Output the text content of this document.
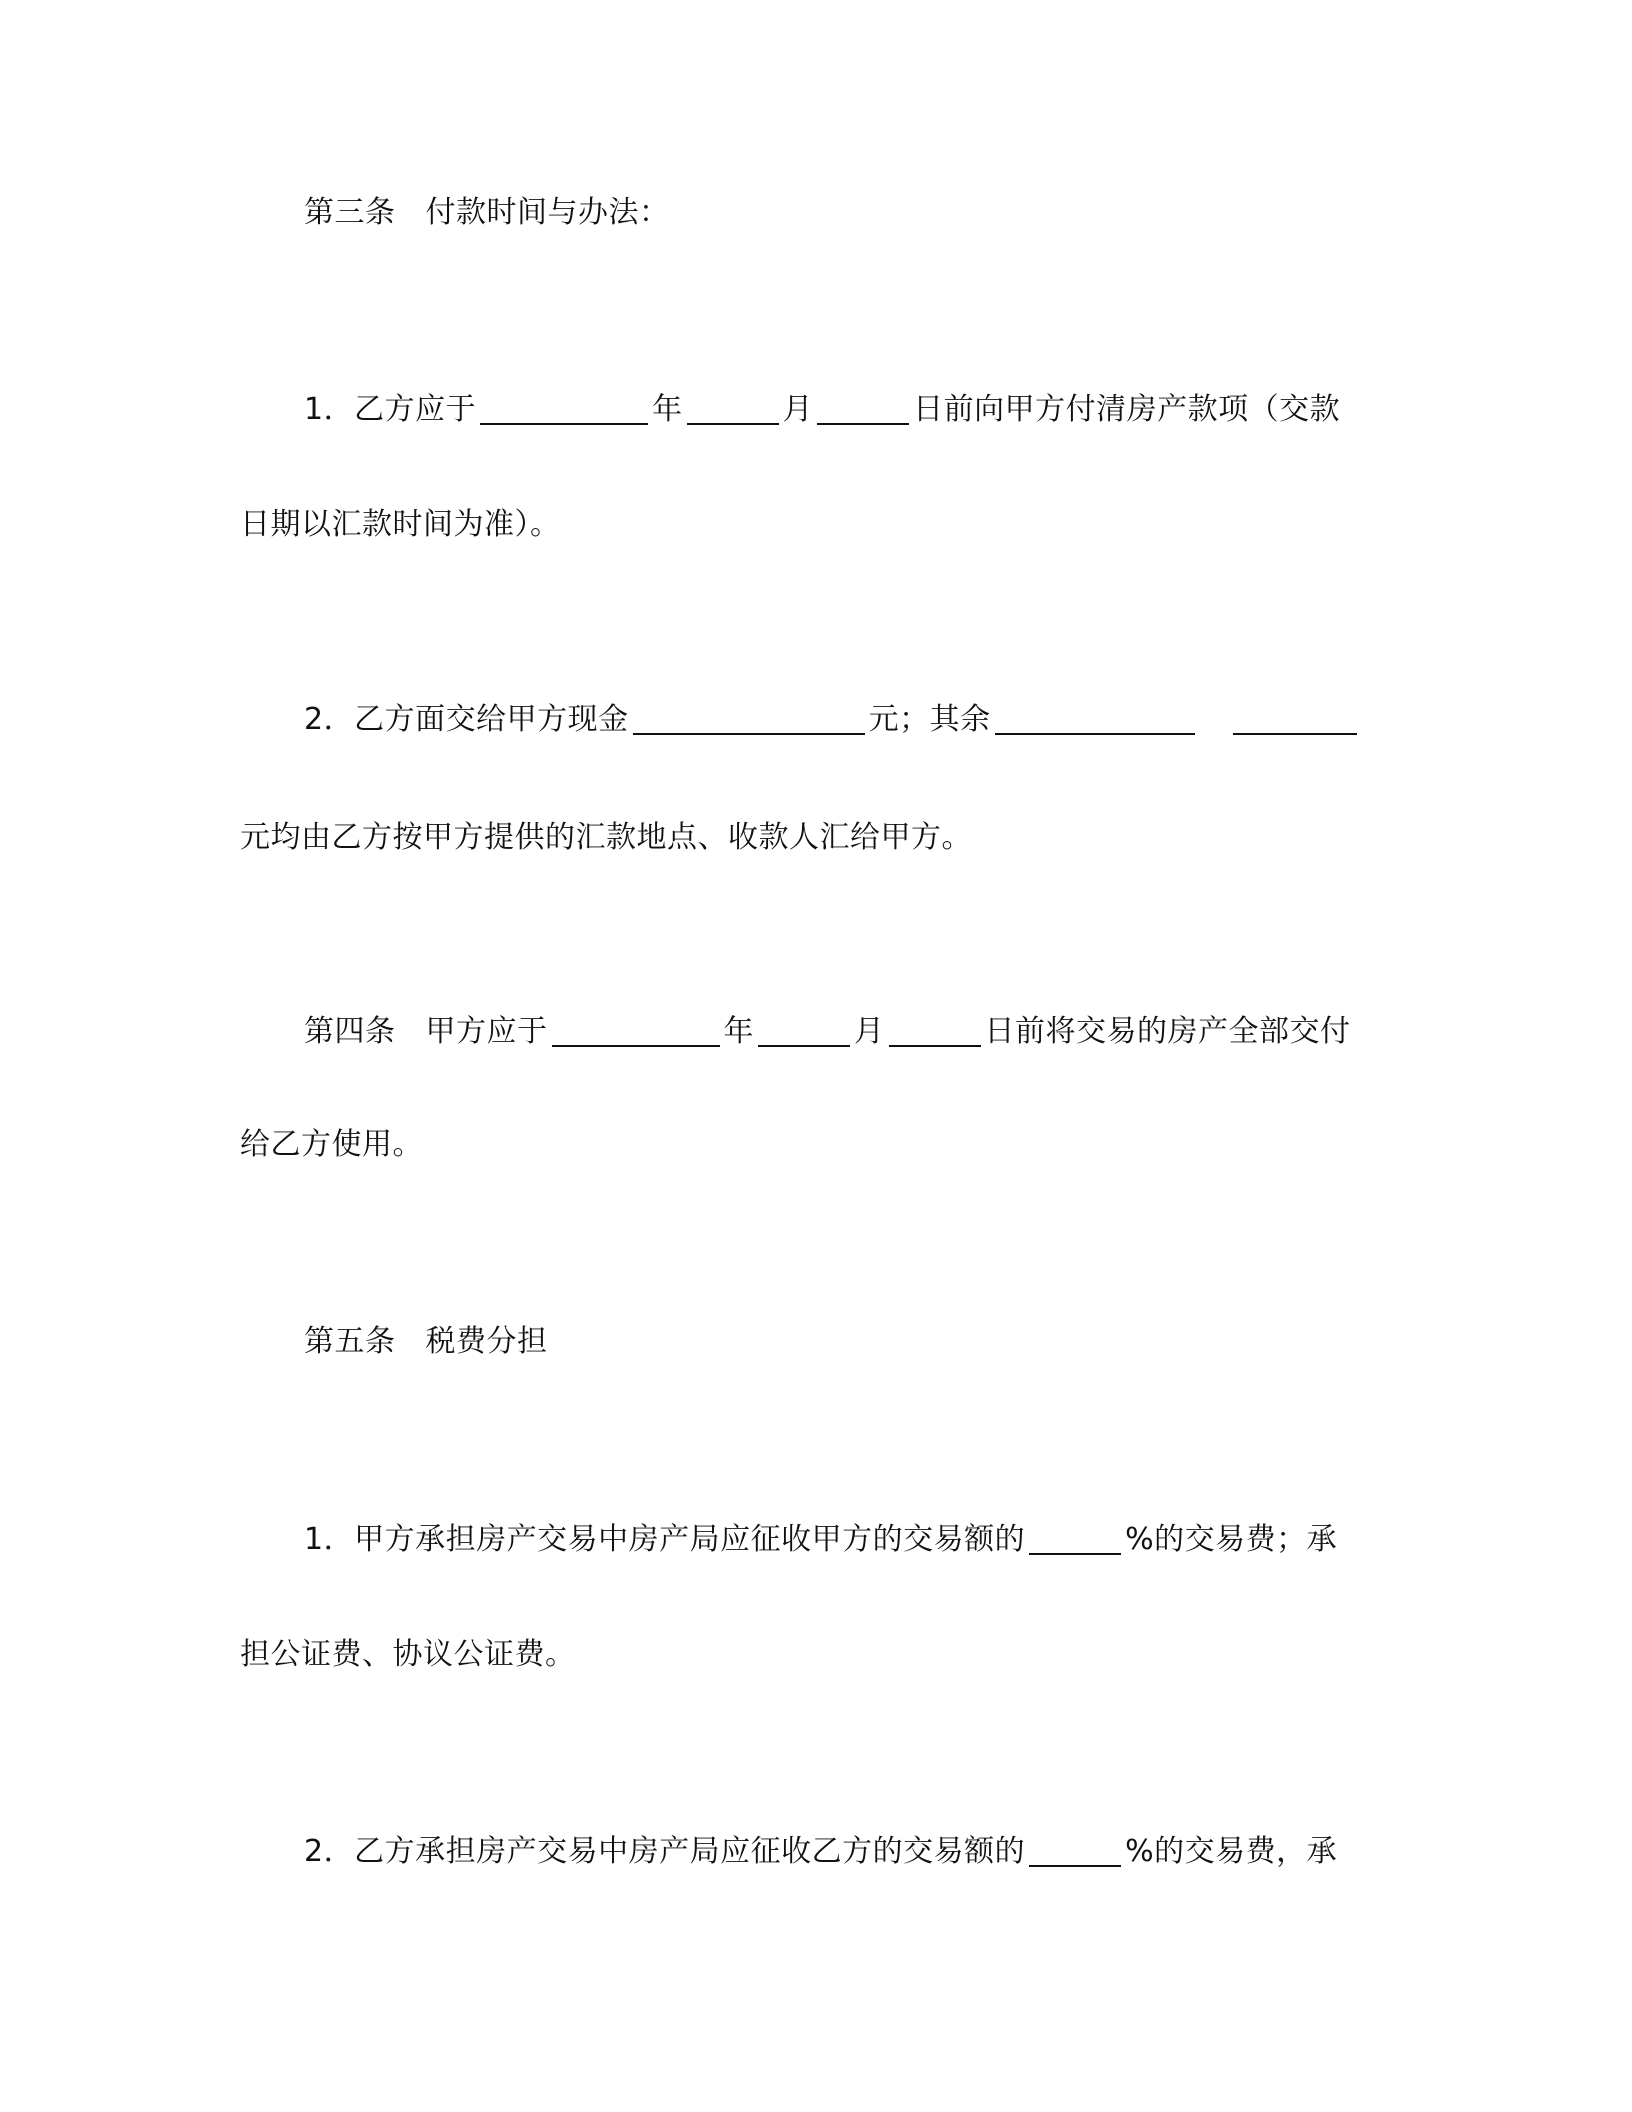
第三条 付款时间与办法：
1．乙方应于	年	月	日前向甲方付清房产款项（交款
日期以汇款时间为准）。
2．乙方面交给甲方现金	元；其余
元均由乙方按甲方提供的汇款地点、收款人汇给甲方。
第四条 甲方应于	年	月	日前将交易的房产全部交付
给乙方使用。
第五条 税费分担
1．甲方承担房产交易中房产局应征收甲方的交易额的	%的交易费；承
担公证费、协议公证费。
2．乙方承担房产交易中房产局应征收乙方的交易额的	%的交易费，承
